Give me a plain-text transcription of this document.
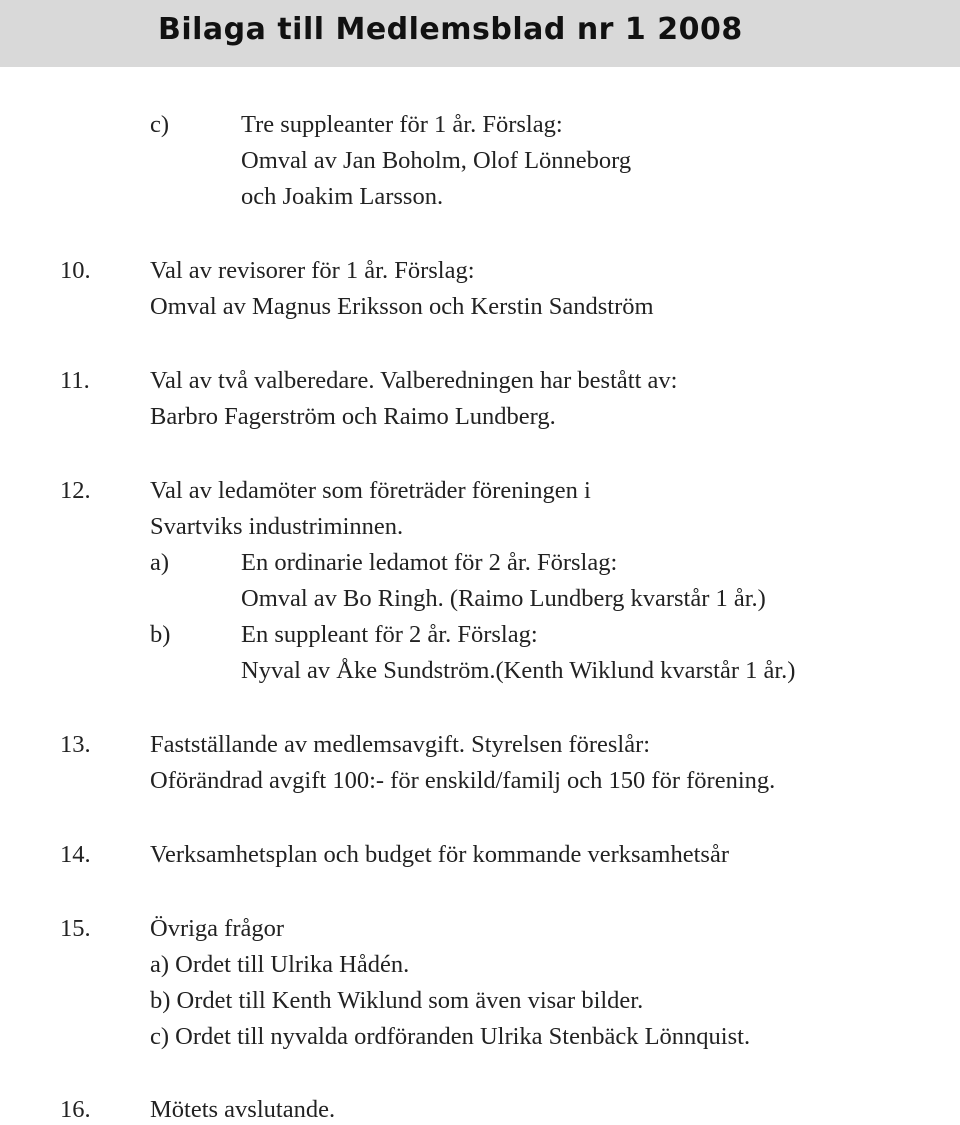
Bilaga till Medlemsblad nr 1 2008
c)	Tre suppleanter för 1 år. Förslag:
Omval av Jan Boholm, Olof Lönneborg
och Joakim Larsson.
10. Val av revisorer för 1 år. Förslag:
Omval av Magnus Eriksson och Kerstin Sandström
11. Val av två valberedare. Valberedningen har bestått av:
Barbro Fagerström och Raimo Lundberg.
12. Val av ledamöter som företräder föreningen i
Svartviks industriminnen.
a)	En ordinarie ledamot för 2 år. Förslag:
Omval av Bo Ringh. (Raimo Lundberg kvarstår 1 år.)
b)	En suppleant för 2 år. Förslag:
Nyval av Åke Sundström.(Kenth Wiklund kvarstår 1 år.)
13. Fastställande av medlemsavgift. Styrelsen föreslår:
Oförändrad avgift 100:- för enskild/familj och 150 för förening.
14. Verksamhetsplan och budget för kommande verksamhetsår
15. Övriga frågor
a) Ordet till Ulrika Hådén.
b) Ordet till Kenth Wiklund som även visar bilder.
c) Ordet till nyvalda ordföranden Ulrika Stenbäck Lönnquist.
16. Mötets avslutande.
